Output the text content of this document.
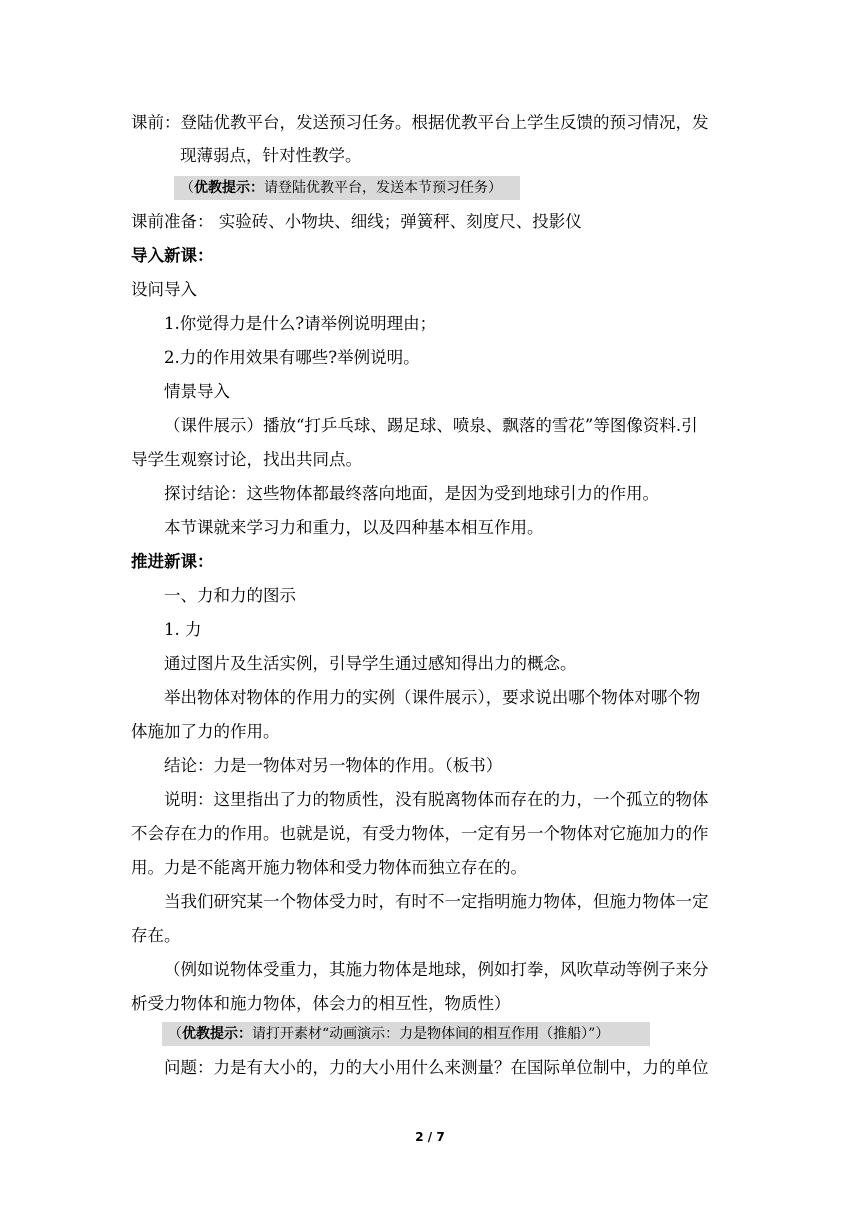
课前：登陆优教平台，发送预习任务。根据优教平台上学生反馈的预习情况，发
现薄弱点，针对性教学。
（优教提示：请登陆优教平台，发送本节预习任务）
课前准备： 实验砖、小物块、细线；弹簧秤、刻度尺、投影仪
导入新课：
设问导入
1.你觉得力是什么?请举例说明理由；
2.力的作用效果有哪些?举例说明。
情景导入
（课件展示）播放“打乒乓球、踢足球、喷泉、飘落的雪花”等图像资料.引
导学生观察讨论，找出共同点。
探讨结论：这些物体都最终落向地面，是因为受到地球引力的作用。
本节课就来学习力和重力，以及四种基本相互作用。
推进新课：
一、力和力的图示
1. 力
通过图片及生活实例，引导学生通过感知得出力的概念。
举出物体对物体的作用力的实例（课件展示），要求说出哪个物体对哪个物
体施加了力的作用。
结论：力是一物体对另一物体的作用。（板书）
说明：这里指出了力的物质性，没有脱离物体而存在的力，一个孤立的物体
不会存在力的作用。也就是说，有受力物体，一定有另一个物体对它施加力的作
用。力是不能离开施力物体和受力物体而独立存在的。
当我们研究某一个物体受力时，有时不一定指明施力物体，但施力物体一定
存在。
（例如说物体受重力，其施力物体是地球，例如打拳，风吹草动等例子来分
析受力物体和施力物体，体会力的相互性，物质性）
（优教提示：请打开素材“动画演示：力是物体间的相互作用（推船）”）
问题：力是有大小的，力的大小用什么来测量？在国际单位制中，力的单位
2 / 7
